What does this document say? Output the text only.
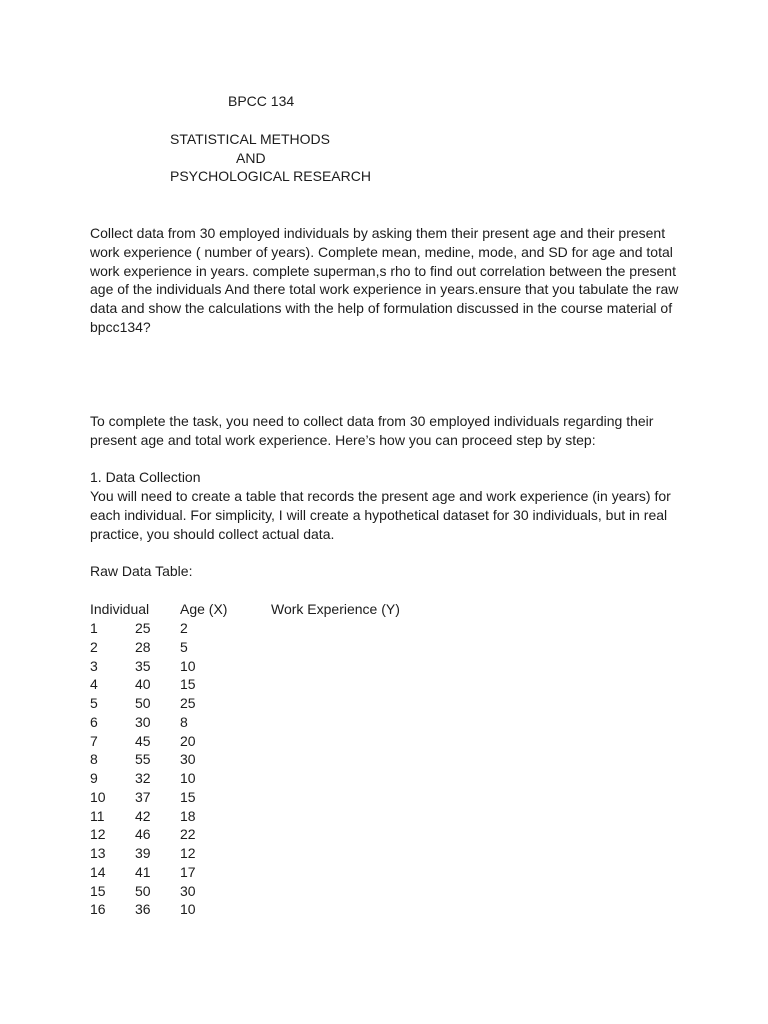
BPCC 134
STATISTICAL METHODS
AND
PSYCHOLOGICAL RESEARCH
Collect data from 30 employed individuals by asking them their present age and their present
work experience ( number of years). Complete mean, medine, mode, and SD for age and total
work experience in years. complete superman,s rho to find out correlation between the present
age of the individuals And there total work experience in years.ensure that you tabulate the raw
data and show the calculations with the help of formulation discussed in the course material of
bpcc134?
To complete the task, you need to collect data from 30 employed individuals regarding their
present age and total work experience. Here’s how you can proceed step by step:
1. Data Collection
You will need to create a table that records the present age and work experience (in years) for
each individual. For simplicity, I will create a hypothetical dataset for 30 individuals, but in real
practice, you should collect actual data.
Raw Data Table:
Individual Age (X)	Work Experience (Y)
1	25 2
2	28 5
3	35 10
4	40 15
5	50 25
6	30 8
7	45 20
8	55 30
9	32 10
10 37 15
11 42 18
12 46 22
13 39 12
14 41 17
15 50 30
16 36 10
